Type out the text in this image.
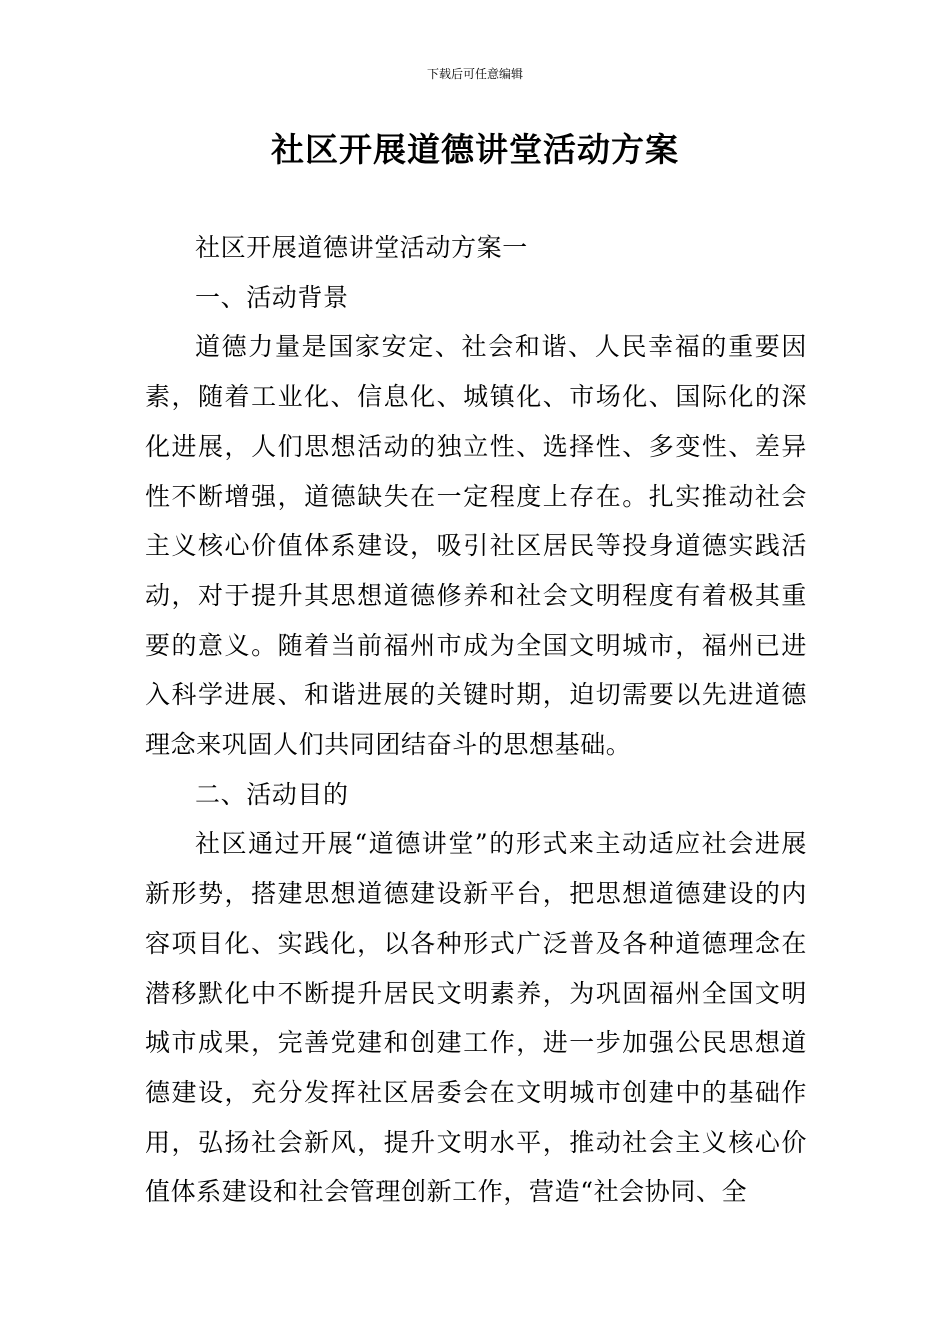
下载后可任意编辑
社区开展道德讲堂活动方案

社区开展道德讲堂活动方案一

一、活动背景

道德力量是国家安定、社会和谐、人民幸福的重要因素，随着工业化、信息化、城镇化、市场化、国际化的深化进展，人们思想活动的独立性、选择性、多变性、差异性不断增强，道德缺失在一定程度上存在。扎实推动社会主义核心价值体系建设，吸引社区居民等投身道德实践活动，对于提升其思想道德修养和社会文明程度有着极其重要的意义。随着当前福州市成为全国文明城市，福州已进入科学进展、和谐进展的关键时期，迫切需要以先进道德理念来巩固人们共同团结奋斗的思想基础。

二、活动目的

社区通过开展“道德讲堂”的形式来主动适应社会进展新形势，搭建思想道德建设新平台，把思想道德建设的内容项目化、实践化，以各种形式广泛普及各种道德理念在潜移默化中不断提升居民文明素养，为巩固福州全国文明城市成果，完善党建和创建工作，进一步加强公民思想道德建设，充分发挥社区居委会在文明城市创建中的基础作用，弘扬社会新风，提升文明水平，推动社会主义核心价值体系建设和社会管理创新工作，营造“社会协同、全
